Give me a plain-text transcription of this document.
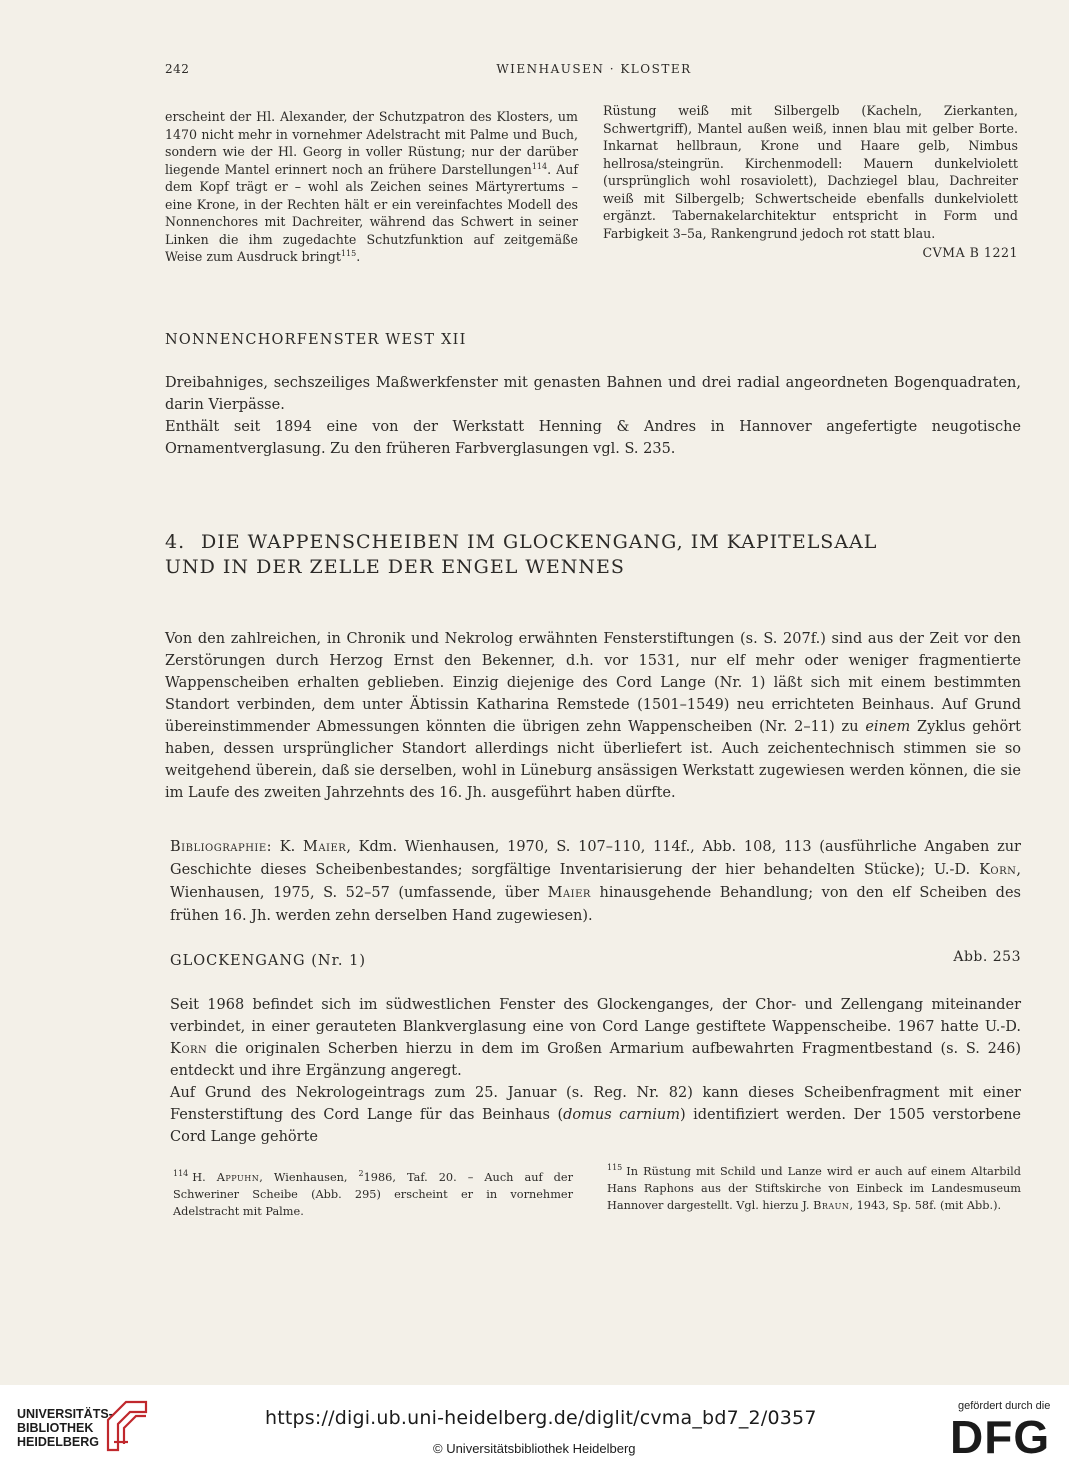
242	WIENHAUSEN · KLOSTER

erscheint der Hl. Alexander, der Schutzpatron des Klosters, um 1470 nicht mehr in vornehmer Adelstracht mit Palme und Buch, sondern wie der Hl. Georg in voller Rüstung; nur der darüber liegende Mantel erinnert noch an frühere Darstellungen$^{114}$. Auf dem Kopf trägt er – wohl als Zeichen seines Märtyrertums – eine Krone, in der Rechten hält er ein vereinfachtes Modell des Nonnenchores mit Dachreiter, während das Schwert in seiner Linken die ihm zugedachte Schutzfunktion auf zeitgemäße Weise zum Ausdruck bringt$^{115}$.

Rüstung weiß mit Silbergelb (Kacheln, Zierkanten, Schwertgriff), Mantel außen weiß, innen blau mit gelber Borte. Inkarnat hellbraun, Krone und Haare gelb, Nimbus hellrosa/steingrün. Kirchenmodell: Mauern dunkelviolett (ursprünglich wohl rosaviolett), Dachziegel blau, Dachreiter weiß mit Silbergelb; Schwertscheide ebenfalls dunkelviolett ergänzt. Tabernakelarchitektur entspricht in Form und Farbigkeit 3–5a, Rankengrund jedoch rot statt blau.

CVMA B 1221
NONNENCHORFENSTER WEST XII

Dreibahniges, sechszeiliges Maßwerkfenster mit genasten Bahnen und drei radial angeordneten Bogenquadraten, darin Vierpässe.

Enthält seit 1894 eine von der Werkstatt Henning & Andres in Hannover angefertigte neugotische Ornamentverglasung. Zu den früheren Farbverglasungen vgl. S. 235.

4. DIE WAPPENSCHEIBEN IM GLOCKENGANG, IM KAPITELSAAL
UND IN DER ZELLE DER ENGEL WENNES

Von den zahlreichen, in Chronik und Nekrolog erwähnten Fensterstiftungen (s. S. 207f.) sind aus der Zeit vor den Zerstörungen durch Herzog Ernst den Bekenner, d.h. vor 1531, nur elf mehr oder weniger fragmentierte Wappenscheiben erhalten geblieben. Einzig diejenige des Cord Lange (Nr. 1) läßt sich mit einem bestimmten Standort verbinden, dem unter Äbtissin Katharina Remstede (1501–1549) neu errichteten Beinhaus. Auf Grund übereinstimmender Abmessungen könnten die übrigen zehn Wappenscheiben (Nr. 2–11) zu einem Zyklus gehört haben, dessen ursprünglicher Standort allerdings nicht überliefert ist. Auch zeichentechnisch stimmen sie so weitgehend überein, daß sie derselben, wohl in Lüneburg ansässigen Werkstatt zugewiesen werden können, die sie im Laufe des zweiten Jahrzehnts des 16. Jh. ausgeführt haben dürfte.

Bibliographie: K. Maier, Kdm. Wienhausen, 1970, S. 107–110, 114f., Abb. 108, 113 (ausführliche Angaben zur Geschichte dieses Scheibenbestandes; sorgfältige Inventarisierung der hier behandelten Stücke); U.-D. Korn, Wienhausen, 1975, S. 52–57 (umfassende, über Maier hinausgehende Behandlung; von den elf Scheiben des frühen 16. Jh. werden zehn derselben Hand zugewiesen).
GLOCKENGANG (Nr. 1)	Abb. 253

Seit 1968 befindet sich im südwestlichen Fenster des Glockenganges, der Chor- und Zellengang miteinander verbindet, in einer gerauteten Blankverglasung eine von Cord Lange gestiftete Wappenscheibe. 1967 hatte U.-D. Korn die originalen Scherben hierzu in dem im Großen Armarium aufbewahrten Fragmentbestand (s. S. 246) entdeckt und ihre Ergänzung angeregt.

Auf Grund des Nekrologeintrags zum 25. Januar (s. Reg. Nr. 82) kann dieses Scheibenfragment mit einer Fensterstiftung des Cord Lange für das Beinhaus (domus carnium) identifiziert werden. Der 1505 verstorbene Cord Lange gehörte

$^{114}$ H. Appuhn, Wienhausen, $^2$1986, Taf. 20. – Auch auf der Schweriner Scheibe (Abb. 295) erscheint er in vornehmer Adelstracht mit Palme.
$^{115}$ In Rüstung mit Schild und Lanze wird er auch auf einem Altarbild Hans Raphons aus der Stiftskirche von Einbeck im Landesmuseum Hannover dargestellt. Vgl. hierzu J. Braun, 1943, Sp. 58f. (mit Abb.).
UNIVERSITÄTS-
BIBLIOTHEK
HEIDELBERG
https://digi.ub.uni-heidelberg.de/diglit/cvma_bd7_2/0357
© Universitätsbibliothek Heidelberg
gefördert durch die
DFG
